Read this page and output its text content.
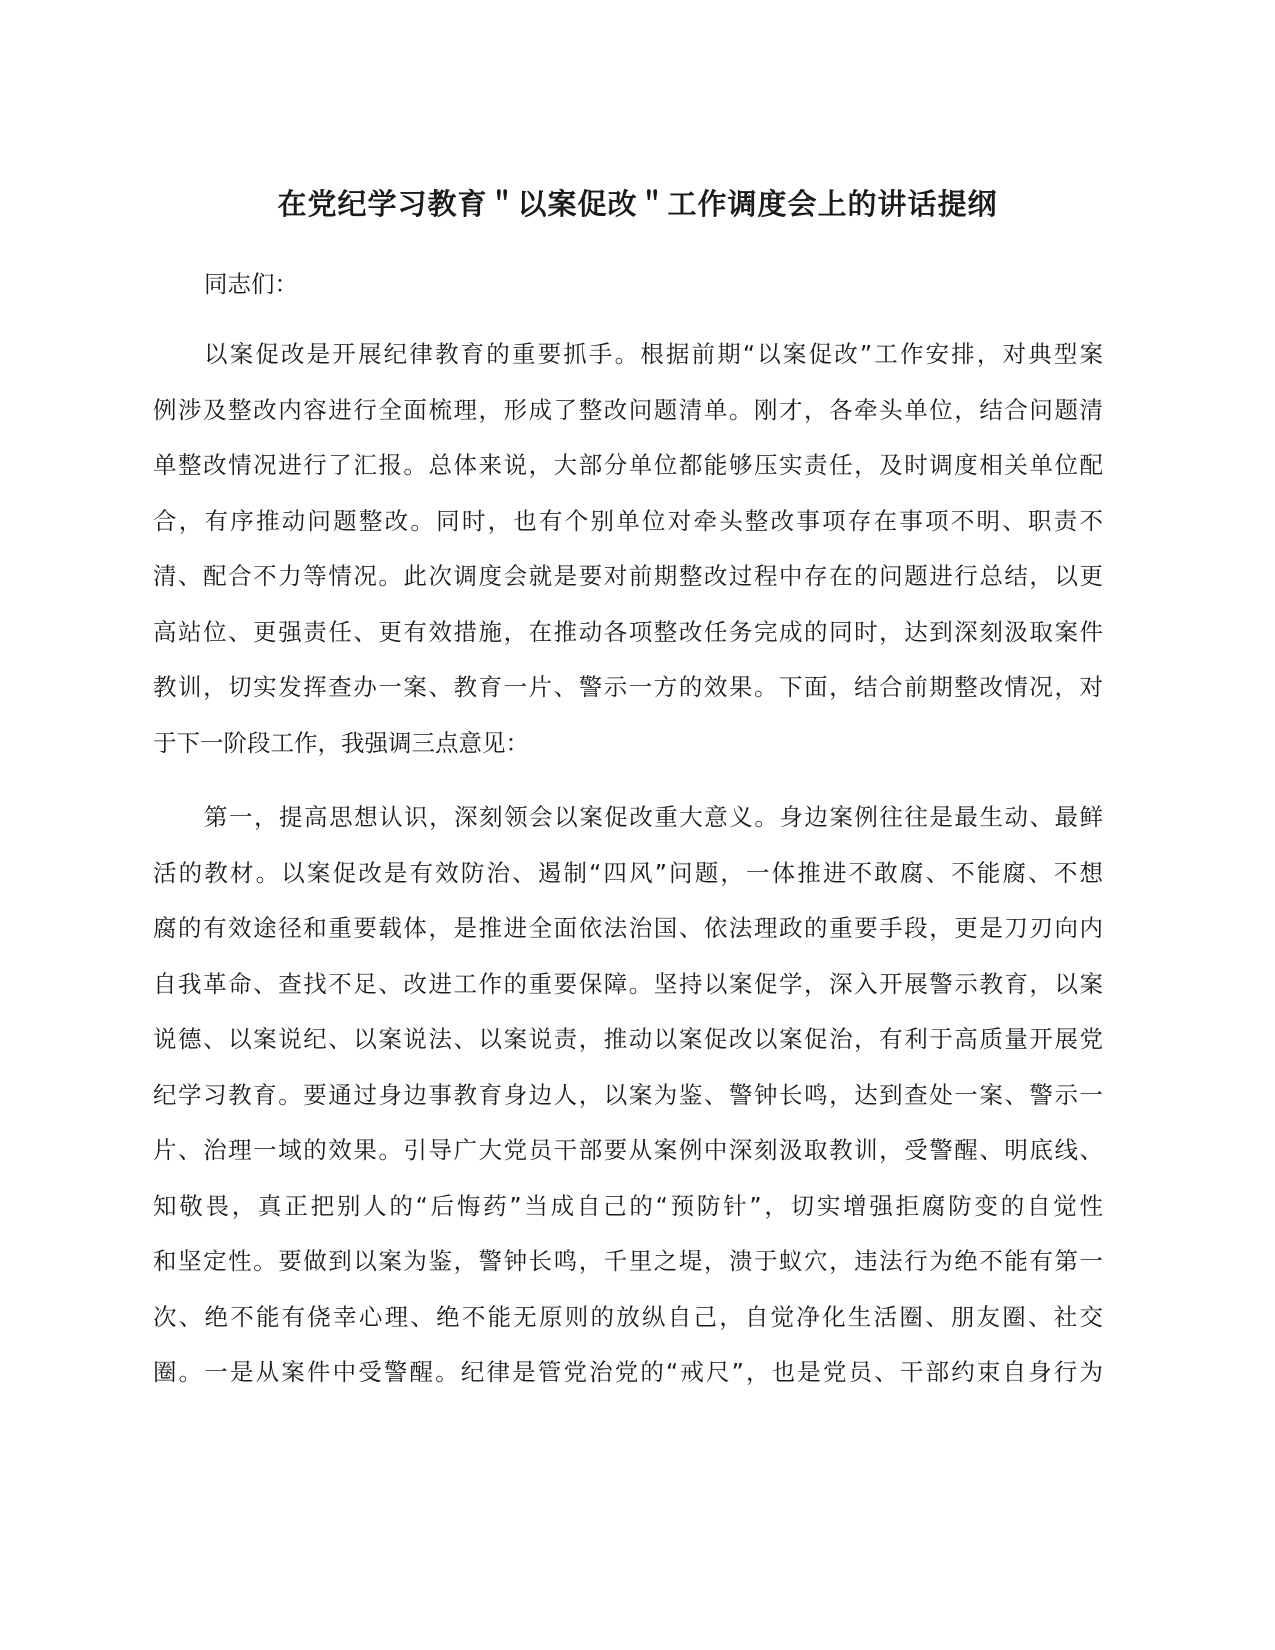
在党纪学习教育＂以案促改＂工作调度会上的讲话提纲
同志们：
以案促改是开展纪律教育的重要抓手。根据前期“以案促改”工作安排，对典型案
例涉及整改内容进行全面梳理，形成了整改问题清单。刚才，各牵头单位，结合问题清
单整改情况进行了汇报。总体来说，大部分单位都能够压实责任，及时调度相关单位配
合，有序推动问题整改。同时，也有个别单位对牵头整改事项存在事项不明、职责不
清、配合不力等情况。此次调度会就是要对前期整改过程中存在的问题进行总结，以更
高站位、更强责任、更有效措施，在推动各项整改任务完成的同时，达到深刻汲取案件
教训，切实发挥查办一案、教育一片、警示一方的效果。下面，结合前期整改情况，对
于下一阶段工作，我强调三点意见：
第一，提高思想认识，深刻领会以案促改重大意义。身边案例往往是最生动、最鲜
活的教材。以案促改是有效防治、遏制“四风”问题，一体推进不敢腐、不能腐、不想
腐的有效途径和重要载体，是推进全面依法治国、依法理政的重要手段，更是刀刃向内
自我革命、查找不足、改进工作的重要保障。坚持以案促学，深入开展警示教育，以案
说德、以案说纪、以案说法、以案说责，推动以案促改以案促治，有利于高质量开展党
纪学习教育。要通过身边事教育身边人，以案为鉴、警钟长鸣，达到查处一案、警示一
片、治理一域的效果。引导广大党员干部要从案例中深刻汲取教训，受警醒、明底线、
知敬畏，真正把别人的“后悔药”当成自己的“预防针”，切实增强拒腐防变的自觉性
和坚定性。要做到以案为鉴，警钟长鸣，千里之堤，溃于蚁穴，违法行为绝不能有第一
次、绝不能有侥幸心理、绝不能无原则的放纵自己，自觉净化生活圈、朋友圈、社交
圈。一是从案件中受警醒。纪律是管党治党的“戒尺”，也是党员、干部约束自身行为
